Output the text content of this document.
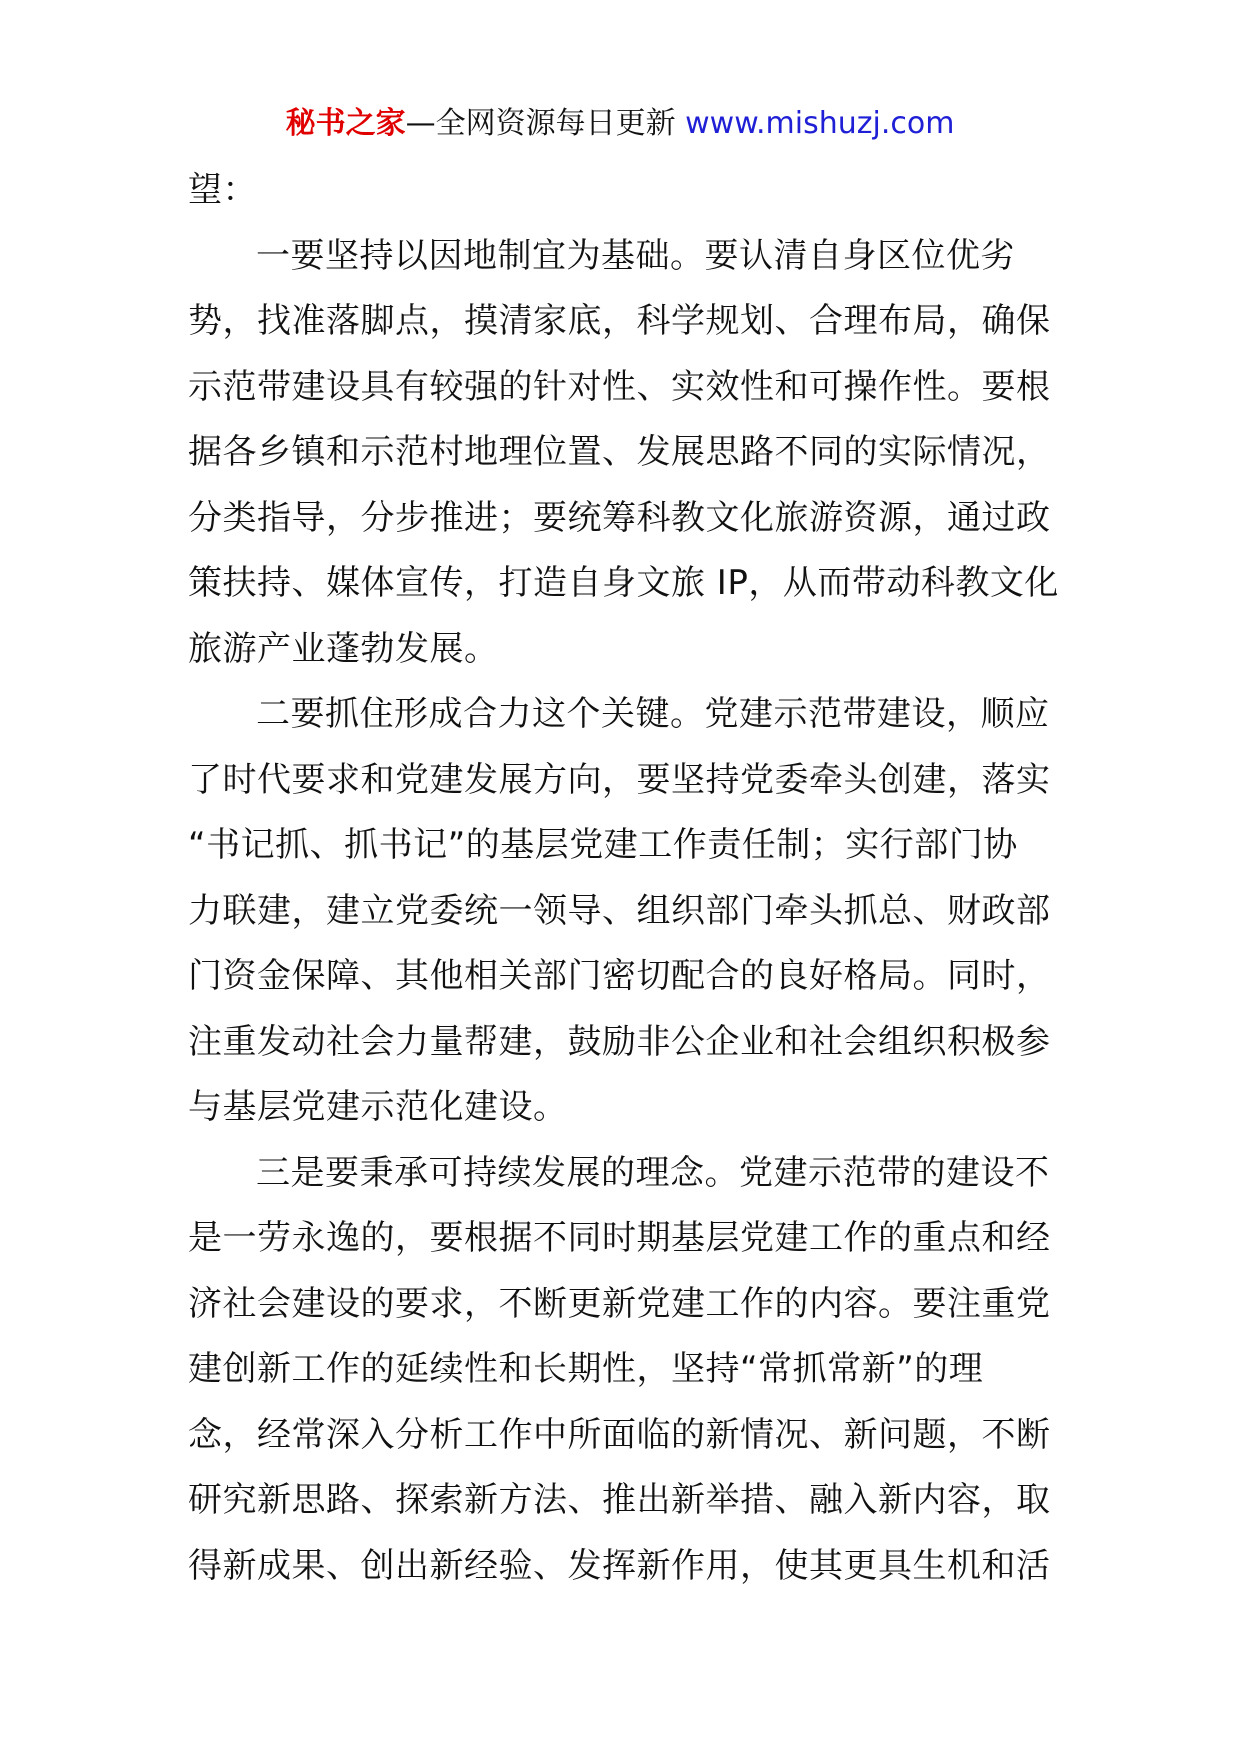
秘书之家—全网资源每日更新 www.mishuzj.com
望：
一要坚持以因地制宜为基础。要认清自身区位优劣
势，找准落脚点，摸清家底，科学规划、合理布局，确保
示范带建设具有较强的针对性、实效性和可操作性。要根
据各乡镇和示范村地理位置、发展思路不同的实际情况，
分类指导，分步推进；要统筹科教文化旅游资源，通过政
策扶持、媒体宣传，打造自身文旅 IP，从而带动科教文化
旅游产业蓬勃发展。
二要抓住形成合力这个关键。党建示范带建设，顺应
了时代要求和党建发展方向，要坚持党委牵头创建，落实
“书记抓、抓书记”的基层党建工作责任制；实行部门协
力联建，建立党委统一领导、组织部门牵头抓总、财政部
门资金保障、其他相关部门密切配合的良好格局。同时，
注重发动社会力量帮建，鼓励非公企业和社会组织积极参
与基层党建示范化建设。
三是要秉承可持续发展的理念。党建示范带的建设不
是一劳永逸的，要根据不同时期基层党建工作的重点和经
济社会建设的要求，不断更新党建工作的内容。要注重党
建创新工作的延续性和长期性，坚持“常抓常新”的理
念，经常深入分析工作中所面临的新情况、新问题，不断
研究新思路、探索新方法、推出新举措、融入新内容，取
得新成果、创出新经验、发挥新作用，使其更具生机和活
